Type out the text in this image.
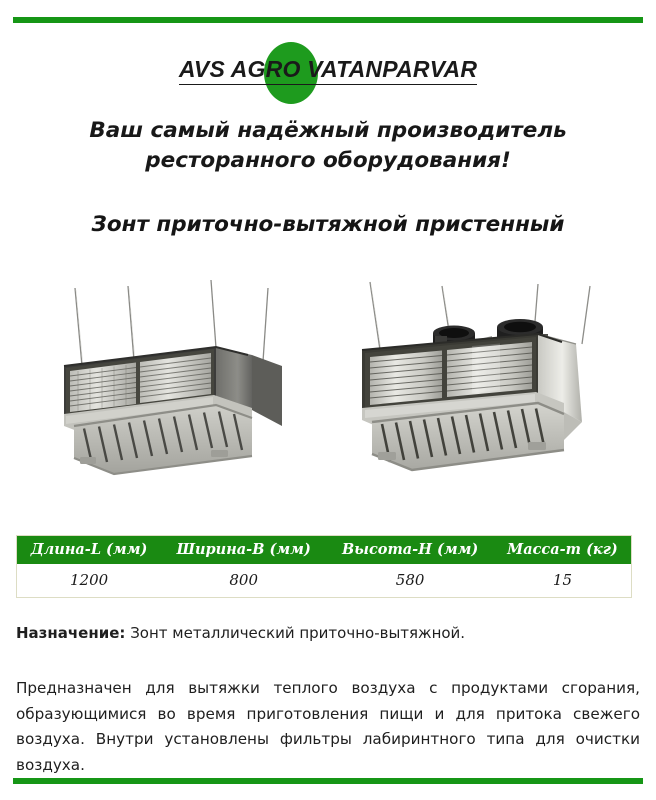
AVS AGRO VATANPARVAR
Ваш самый надёжный производитель
ресторанного оборудования!
Зонт приточно-вытяжной пристенный
Длина-L (мм)	Ширина-B (мм)	Высота-H (мм)	Масса-m (кг)
1200	800	580	15
Назначение: Зонт металлический приточно-вытяжной.
Предназначен для вытяжки теплого воздуха с продуктами сгорания, образующимися во время приготовления пищи и для притока свежего воздуха. Внутри установлены фильтры лабиринтного типа для очистки воздуха.
